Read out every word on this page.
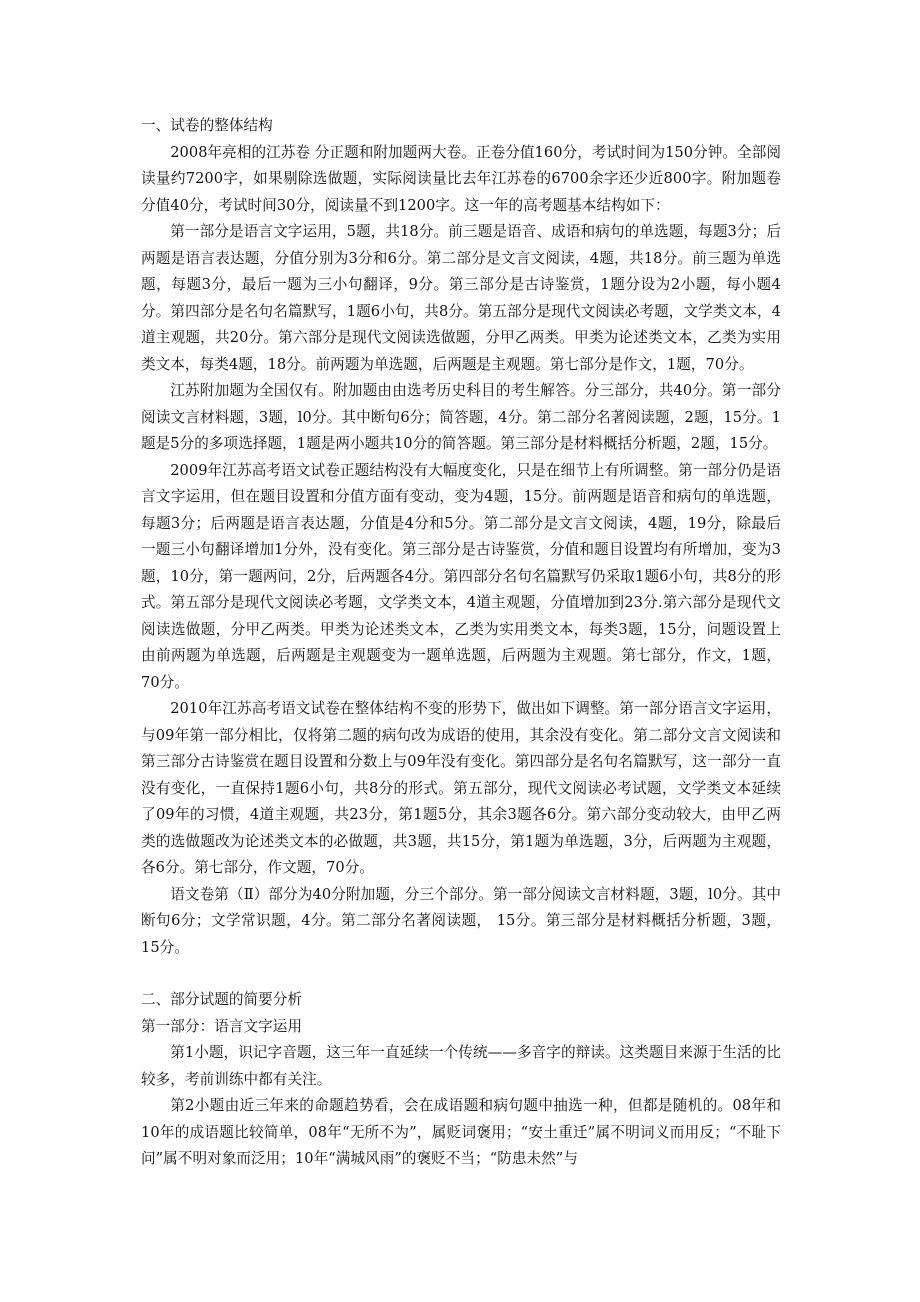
一、试卷的整体结构

2008年亮相的江苏卷 分正题和附加题两大卷。正卷分值160分，考试时间为150分钟。全部阅读量约7200字，如果剔除选做题，实际阅读量比去年江苏卷的6700余字还少近800字。附加题卷分值40分，考试时间30分，阅读量不到1200字。这一年的高考题基本结构如下：

第一部分是语言文字运用，5题，共18分。前三题是语音、成语和病句的单选题，每题3分；后两题是语言表达题，分值分别为3分和6分。第二部分是文言文阅读，4题，共18分。前三题为单选题，每题3分，最后一题为三小句翻译，9分。第三部分是古诗鉴赏，1题分设为2小题，每小题4分。第四部分是名句名篇默写，1题6小句，共8分。第五部分是现代文阅读必考题，文学类文本，4道主观题，共20分。第六部分是现代文阅读选做题，分甲乙两类。甲类为论述类文本，乙类为实用类文本，每类4题，18分。前两题为单选题，后两题是主观题。第七部分是作文，1题，70分。

江苏附加题为全国仅有。附加题由由选考历史科目的考生解答。分三部分，共40分。第一部分阅读文言材料题，3题，l0分。其中断句6分；简答题，4分。第二部分名著阅读题，2题，15分。1题是5分的多项选择题，1题是两小题共10分的简答题。第三部分是材料概括分析题，2题，15分。

2009年江苏高考语文试卷正题结构没有大幅度变化，只是在细节上有所调整。第一部分仍是语言文字运用，但在题目设置和分值方面有变动，变为4题，15分。前两题是语音和病句的单选题，每题3分；后两题是语言表达题，分值是4分和5分。第二部分是文言文阅读，4题，19分，除最后一题三小句翻译增加1分外，没有变化。第三部分是古诗鉴赏，分值和题目设置均有所增加，变为3题，10分，第一题两问，2分，后两题各4分。第四部分名句名篇默写仍采取1题6小句，共8分的形式。第五部分是现代文阅读必考题，文学类文本，4道主观题，分值增加到23分.第六部分是现代文阅读选做题，分甲乙两类。甲类为论述类文本，乙类为实用类文本，每类3题，15分，问题设置上由前两题为单选题，后两题是主观题变为一题单选题，后两题为主观题。第七部分，作文，1题，70分。

2010年江苏高考语文试卷在整体结构不变的形势下，做出如下调整。第一部分语言文字运用，与09年第一部分相比，仅将第二题的病句改为成语的使用，其余没有变化。第二部分文言文阅读和第三部分古诗鉴赏在题目设置和分数上与09年没有变化。第四部分是名句名篇默写，这一部分一直没有变化，一直保持1题6小句，共8分的形式。第五部分，现代文阅读必考试题，文学类文本延续了09年的习惯，4道主观题，共23分，第1题5分，其余3题各6分。第六部分变动较大，由甲乙两类的选做题改为论述类文本的必做题，共3题，共15分，第1题为单选题，3分，后两题为主观题，各6分。第七部分，作文题，70分。

语文卷第（Ⅱ）部分为40分附加题，分三个部分。第一部分阅读文言材料题，3题，l0分。其中断句6分；文学常识题，4分。第二部分名著阅读题， 15分。第三部分是材料概括分析题，3题，15分。

二、部分试题的简要分析

第一部分：语言文字运用

第1小题，识记字音题，这三年一直延续一个传统——多音字的辩读。这类题目来源于生活的比较多，考前训练中都有关注。

第2小题由近三年来的命题趋势看，会在成语题和病句题中抽选一种，但都是随机的。08年和10年的成语题比较简单，08年“无所不为”，属贬词褒用；“安土重迁”属不明词义而用反；“不耻下问”属不明对象而泛用；10年“满城风雨”的褒贬不当；“防患未然”与
